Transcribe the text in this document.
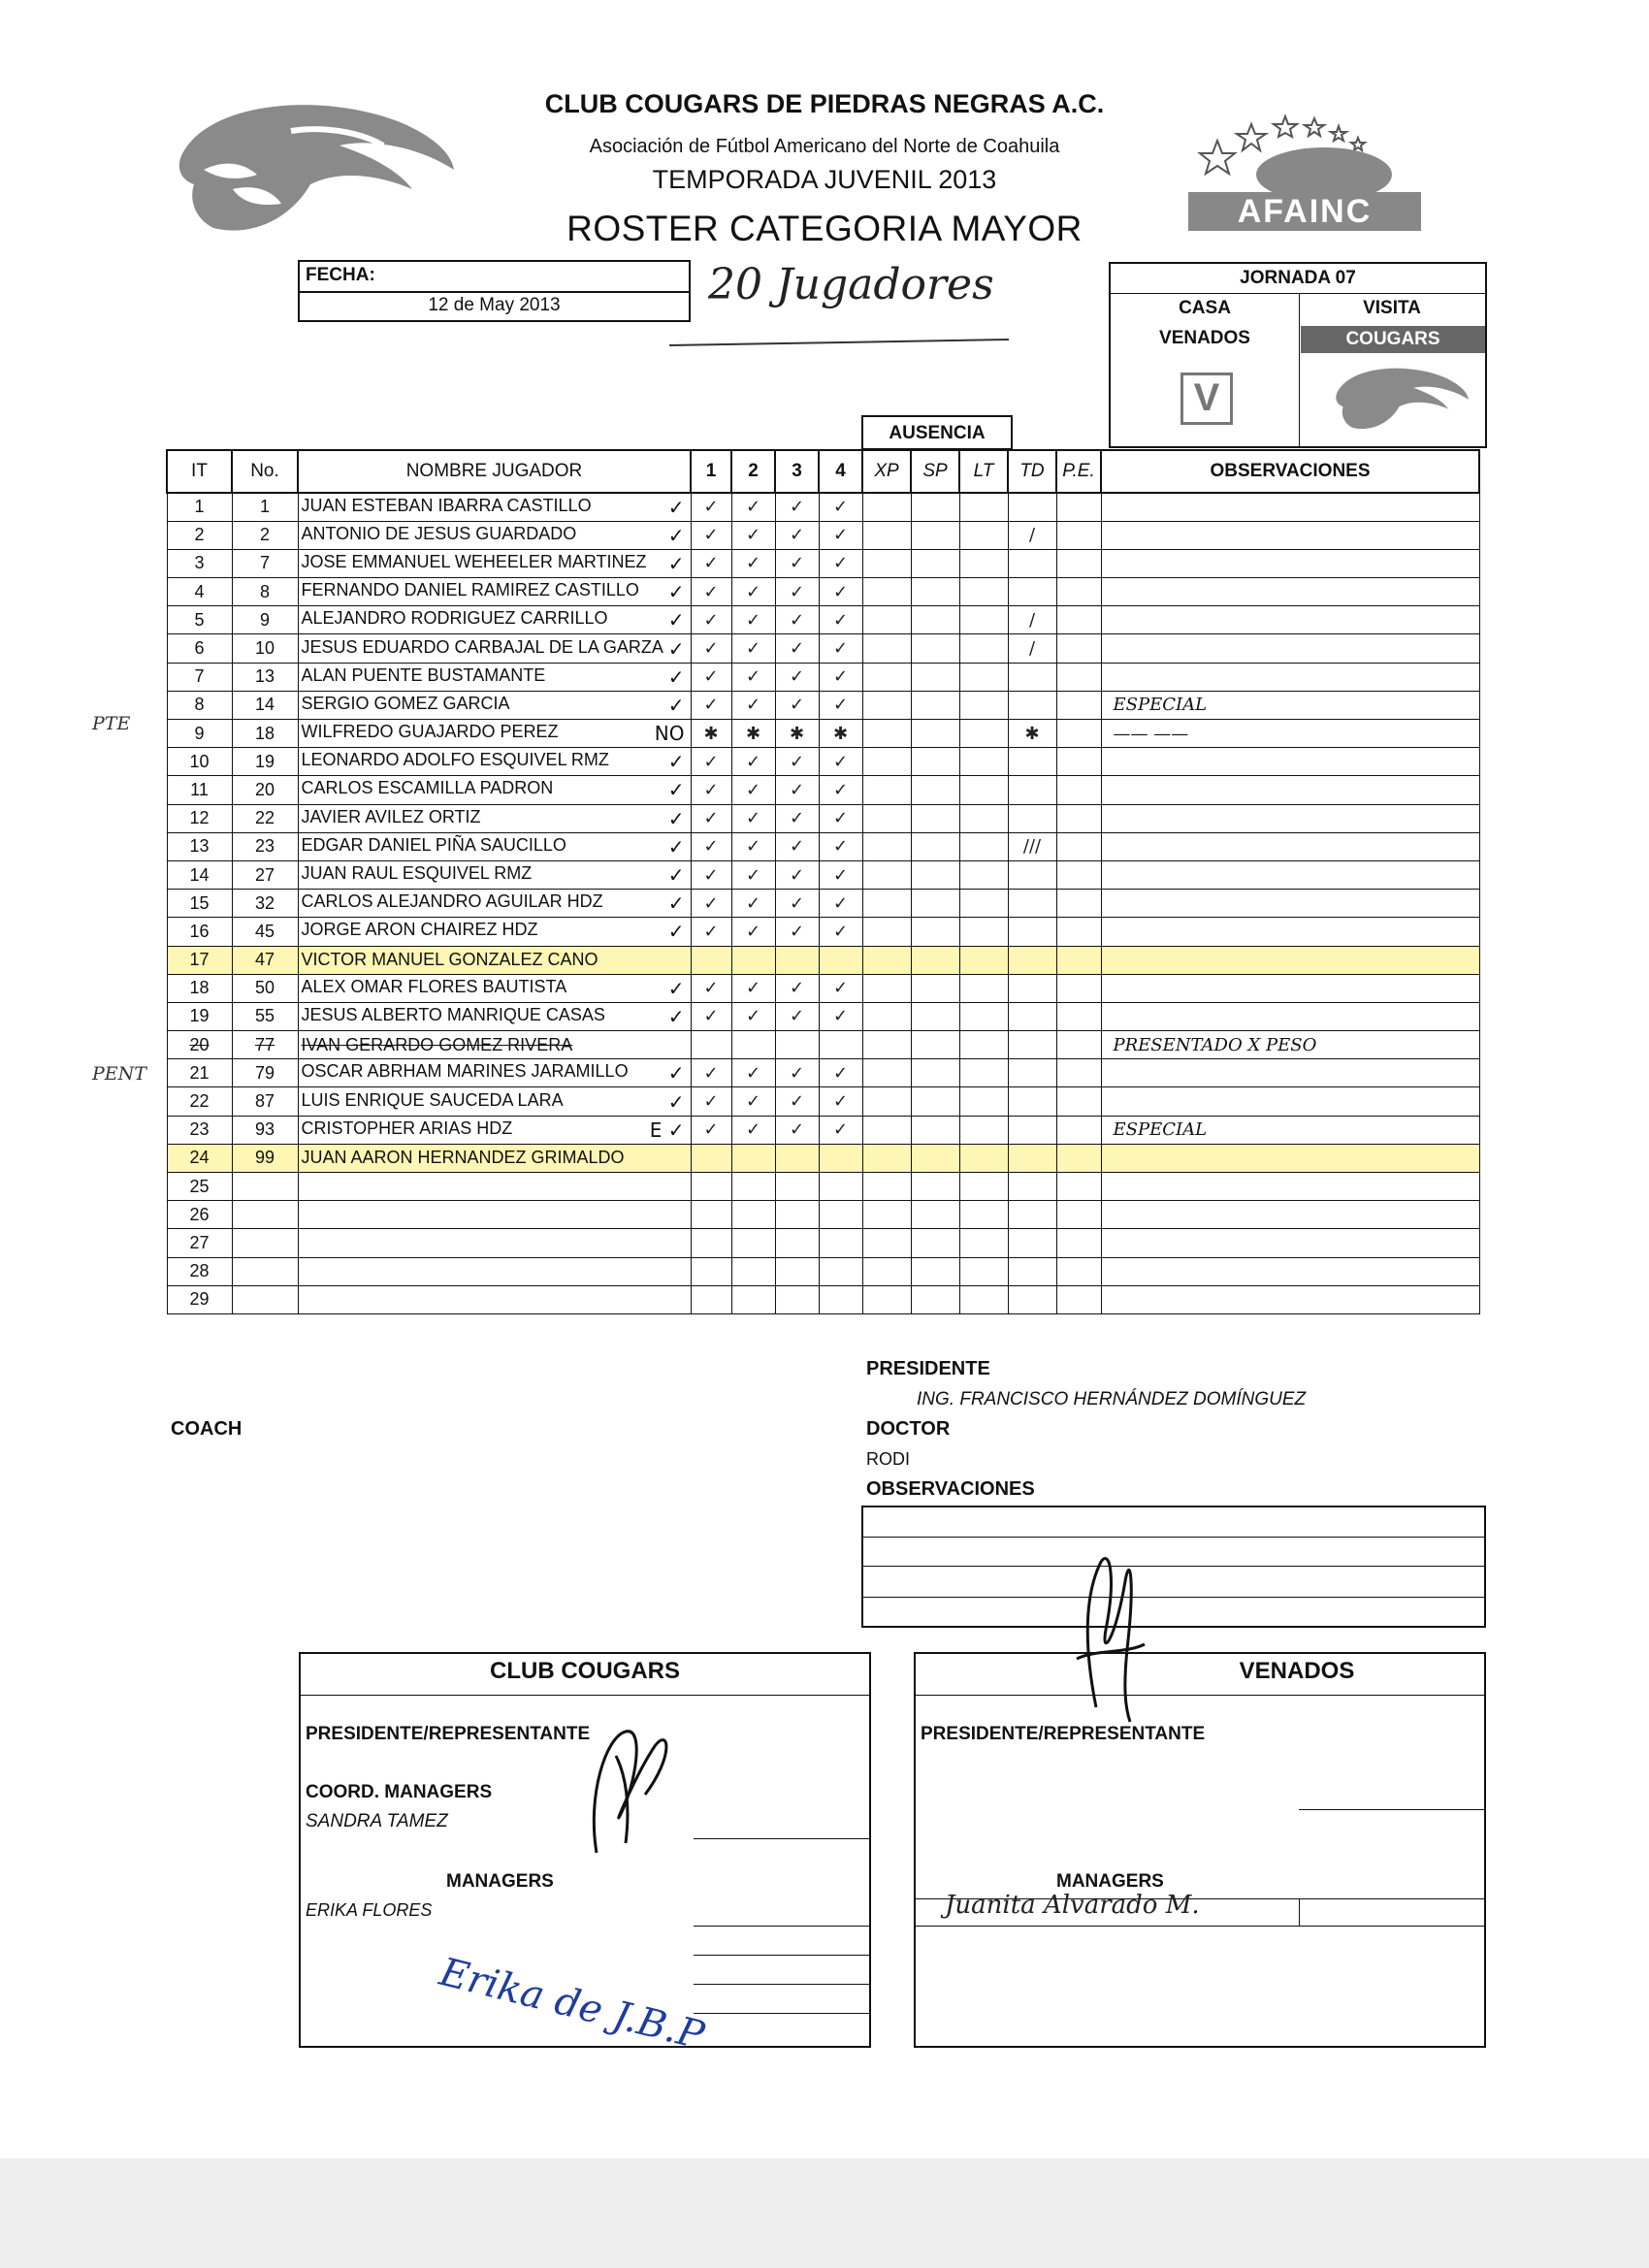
CLUB COUGARS DE PIEDRAS NEGRAS A.C.
Asociación de Fútbol Americano del Norte de Coahuila
TEMPORADA JUVENIL 2013
ROSTER CATEGORIA MAYOR	AFAINC
FECHA:
12 de May 2013	20 Jugadores	JORNADA 07
CASA	VISITA
VENADOS	COUGARS
V
AUSENCIA
IT	No.	NOMBRE JUGADOR	1	2	3	4	XP	SP	LT	TD	P.E.	OBSERVACIONES
1	1	JUAN ESTEBAN IBARRA CASTILLO ✓	✓	✓	✓	✓						
2	2	ANTONIO DE JESUS GUARDADO ✓	✓	✓	✓	✓				/		
3	7	JOSE EMMANUEL WEHEELER MARTINEZ ✓	✓	✓	✓	✓						
4	8	FERNANDO DANIEL RAMIREZ CASTILLO ✓	✓	✓	✓	✓						
5	9	ALEJANDRO RODRIGUEZ CARRILLO ✓	✓	✓	✓	✓				/		
6	10	JESUS EDUARDO CARBAJAL DE LA GARZA ✓	✓	✓	✓	✓				/		
7	13	ALAN PUENTE BUSTAMANTE ✓	✓	✓	✓	✓						
8	14	SERGIO GOMEZ GARCIA ✓	✓	✓	✓	✓						ESPECIAL
9	18	WILFREDO GUAJARDO PEREZ NO	✱	✱	✱	✱				✱		—— ——
10	19	LEONARDO ADOLFO ESQUIVEL RMZ ✓	✓	✓	✓	✓						
11	20	CARLOS ESCAMILLA PADRON ✓	✓	✓	✓	✓						
12	22	JAVIER AVILEZ ORTIZ ✓	✓	✓	✓	✓						
13	23	EDGAR DANIEL PIÑA SAUCILLO ✓	✓	✓	✓	✓				///		
14	27	JUAN RAUL ESQUIVEL RMZ ✓	✓	✓	✓	✓						
15	32	CARLOS ALEJANDRO AGUILAR HDZ ✓	✓	✓	✓	✓						
16	45	JORGE ARON CHAIREZ HDZ ✓	✓	✓	✓	✓						
17	47	VICTOR MANUEL GONZALEZ CANO

18	50	ALEX OMAR FLORES BAUTISTA ✓	✓	✓	✓	✓						
19	55	JESUS ALBERTO MANRIQUE CASAS ✓	✓	✓	✓	✓						
20	77	IVAN GERARDO GOMEZ RIVERA										PRESENTADO X PESO
21	79	OSCAR ABRHAM MARINES JARAMILLO ✓	✓	✓	✓	✓						
22	87	LUIS ENRIQUE SAUCEDA LARA ✓	✓	✓	✓	✓						
23	93	CRISTOPHER ARIAS HDZ E ✓	✓	✓	✓	✓						ESPECIAL
24	99	JUAN AARON HERNANDEZ GRIMALDO

25		

26		

27		

28		

29		

PTE
PENT
PRESIDENTE
ING. FRANCISCO HERNÁNDEZ DOMÍNGUEZ
COACH	DOCTOR
RODI
OBSERVACIONES
CLUB COUGARS
PRESIDENTE/REPRESENTANTE
COORD. MANAGERS
SANDRA TAMEZ
MANAGERS
ERIKA FLORES
Erika de J.B.P
VENADOS
PRESIDENTE/REPRESENTANTE
MANAGERS
Juanita Alvarado M.
